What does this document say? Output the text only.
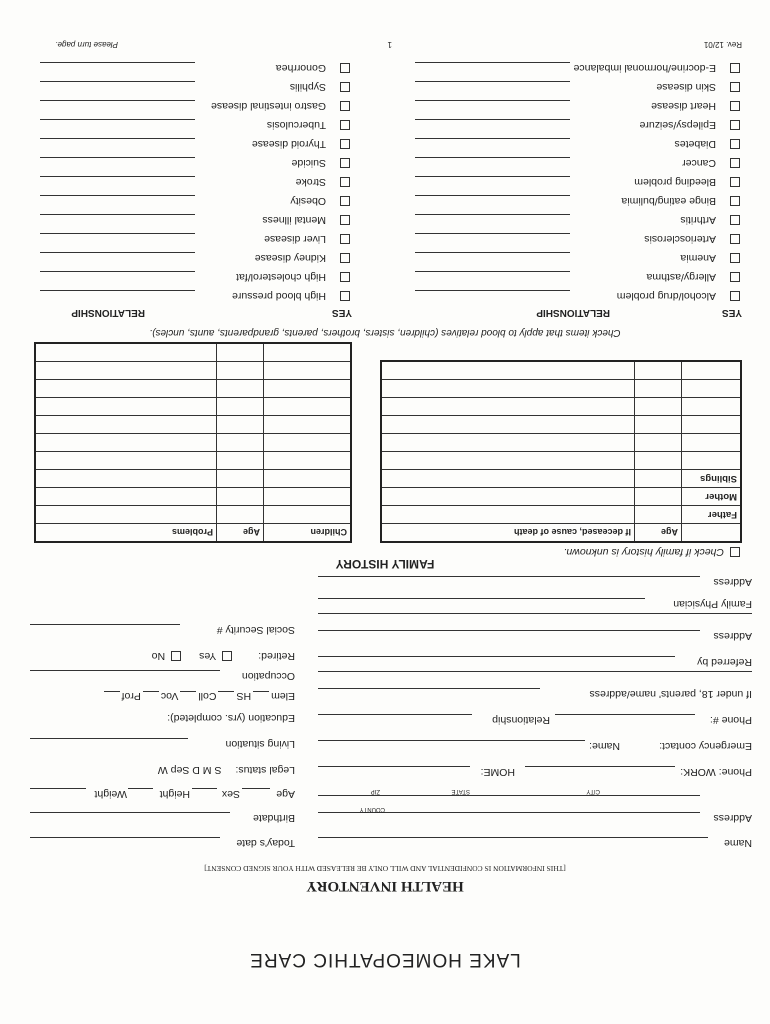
LAKE HOMEOPATHIC CARE
HEALTH INVENTORY
[THIS INFORMATION IS CONFIDENTIAL AND WILL ONLY BE RELEASED WITH YOUR SIGNED CONSENT]
Name
Address
COUNTY
CITY
STATE
ZIP
Phone: WORK:
HOME:
Emergency contact:
Name:
Phone #:
Relationship
If under 18, parents' name/address
Referred by
Address
Family Physician
Address
Today's date
Birthdate
Age
Sex
Height
Weight
Legal status:
S M D Sep W
Living situation
Education (yrs. completed):
Elem
HS
Coll
Voc
Prof
Occupation
Retired:
Yes
No
Social Security #
FAMILY HISTORY
Check if family history is unknown.
	Age	If deceased, cause of death
Father		
Mother		
Siblings		

Children	Age	Problems

Check items that apply to blood relatives (children, sisters, brothers, parents, grandparents, aunts, uncles).
YES
RELATIONSHIP
YES
RELATIONSHIP
Alcohol/drug problem
Allergy/asthma
Anemia
Arteriosclerosis
Arthritis
Binge eating/bulimia
Bleeding problem
Cancer
Diabetes
Epilepsy/seizure
Heart disease
Skin disease
E-docrine/hormonal imbalance
High blood pressure
High cholesterol/fat
Kidney disease
Liver disease
Mental illness
Obesity
Stroke
Suicide
Thyroid disease
Tuberculosis
Gastro intestinal disease
Syphilis
Gonorrhea
Rev. 12/01
1
Please turn page.
